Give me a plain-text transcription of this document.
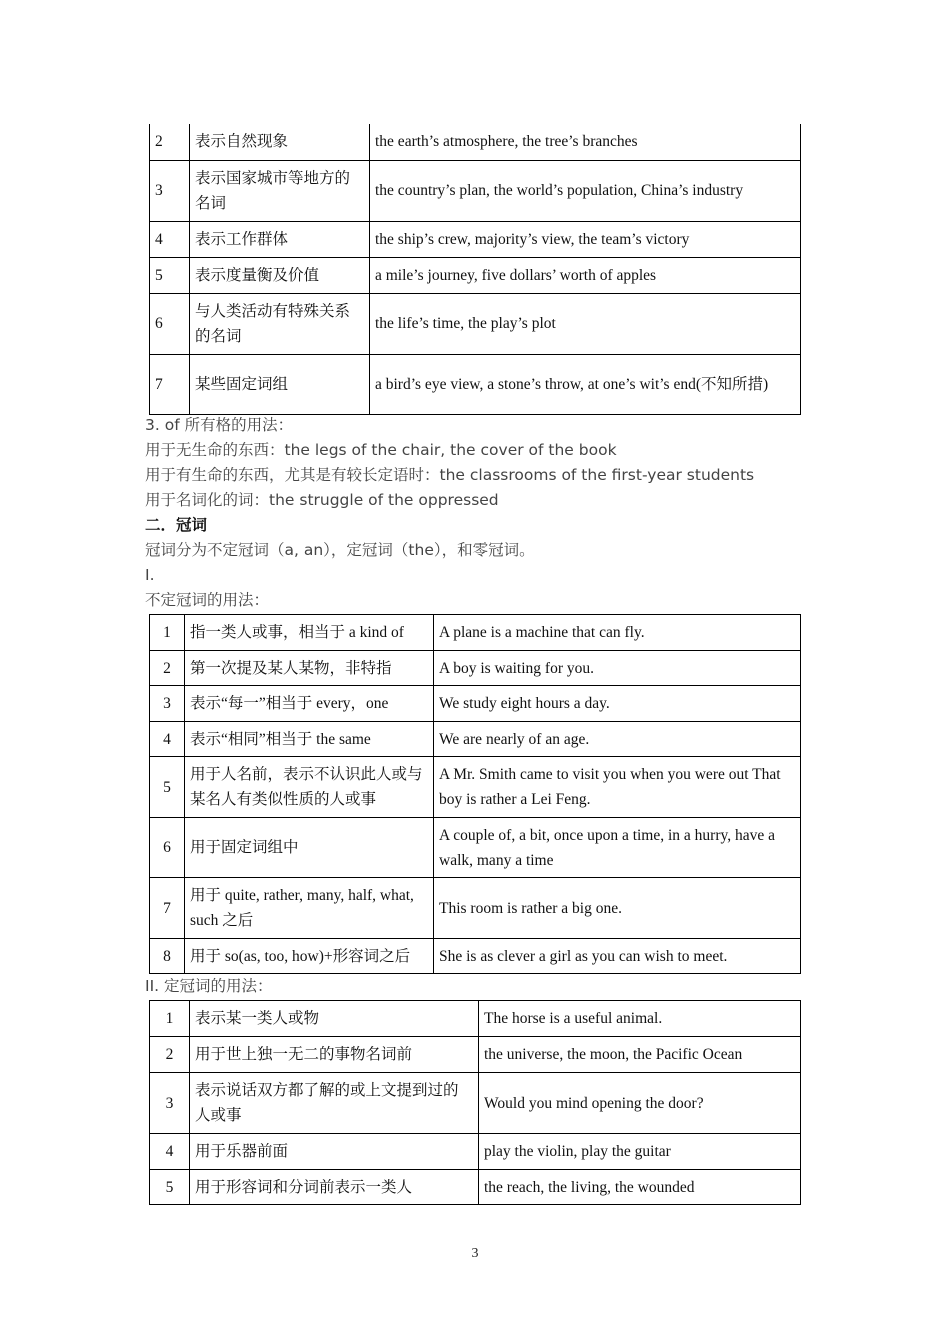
2	表示自然现象	the earth’s atmosphere, the tree’s branches
3	表示国家城市等地方的名词	the country’s plan, the world’s population, China’s industry
4	表示工作群体	the ship’s crew, majority’s view, the team’s victory
5	表示度量衡及价值	a mile’s journey, five dollars’ worth of apples
6	与人类活动有特殊关系的名词	the life’s time, the play’s plot
7	某些固定词组	a bird’s eye view, a stone’s throw, at one’s wit’s end(不知所措)
3. of 所有格的用法：
用于无生命的东西：the legs of the chair, the cover of the book
用于有生命的东西，尤其是有较长定语时：the classrooms of the first-year students
用于名词化的词：the struggle of the oppressed
二．冠词
冠词分为不定冠词（a, an），定冠词（the），和零冠词。
I.
不定冠词的用法：
1	指一类人或事，相当于 a kind of	A plane is a machine that can fly.
2	第一次提及某人某物，非特指	A boy is waiting for you.
3	表示“每一”相当于 every，one	We study eight hours a day.
4	表示“相同”相当于 the same	We are nearly of an age.
5	用于人名前，表示不认识此人或与某名人有类似性质的人或事	A Mr. Smith came to visit you when you were out That boy is rather a Lei Feng.
6	用于固定词组中	A couple of, a bit, once upon a time, in a hurry, have a walk, many a time
7	用于 quite, rather, many, half, what, such 之后	This room is rather a big one.
8	用于 so(as, too, how)+形容词之后	She is as clever a girl as you can wish to meet.
II. 定冠词的用法：
1	表示某一类人或物	The horse is a useful animal.
2	用于世上独一无二的事物名词前	the universe, the moon, the Pacific Ocean
3	表示说话双方都了解的或上文提到过的人或事	Would you mind opening the door?
4	用于乐器前面	play the violin, play the guitar
5	用于形容词和分词前表示一类人	the reach, the living, the wounded
3
